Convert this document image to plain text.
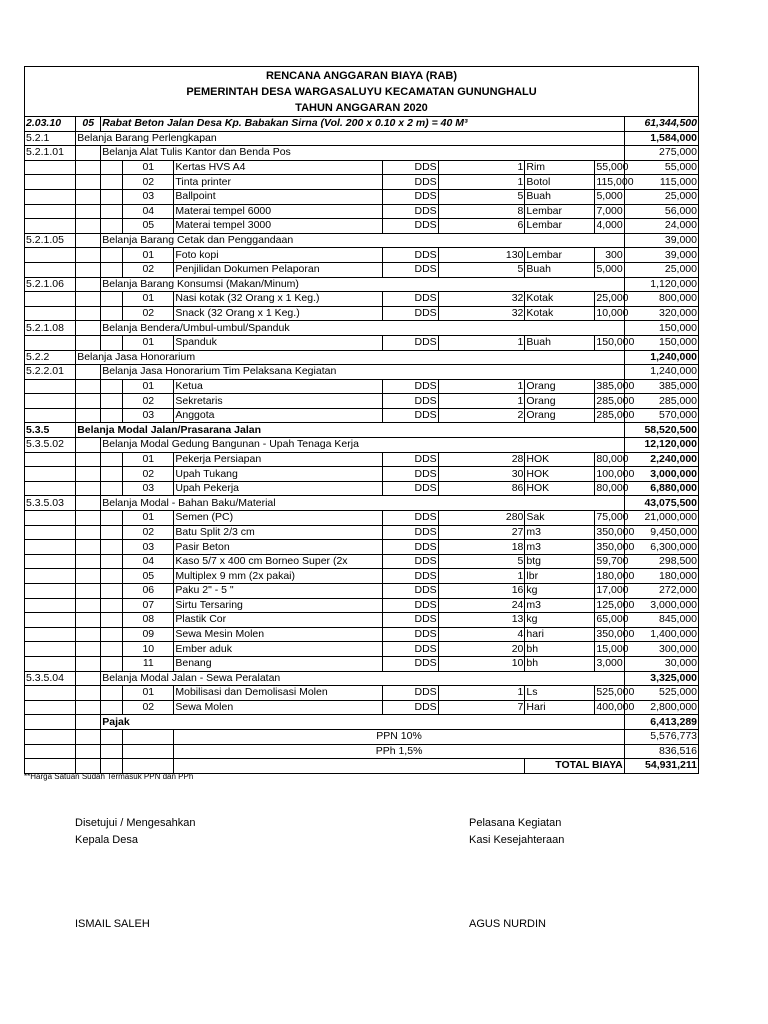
RENCANA ANGGARAN BIAYA (RAB)
PEMERINTAH DESA WARGASALUYU KECAMATAN GUNUNGHALU
TAHUN ANGGARAN 2020
2.03.10	05	Rabat Beton Jalan Desa Kp. Babakan Sirna (Vol. 200 x 0.10 x 2 m) = 40 M³							61,344,500
5.2.1	Belanja Barang Perlengkapan								1,584,000
5.2.1.01		Belanja Alat Tulis Kantor dan Benda Pos							275,000
			01	Kertas HVS A4	DDS	1	Rim	55,000	55,000
			02	Tinta printer	DDS	1	Botol	115,000	115,000
			03	Ballpoint	DDS	5	Buah	5,000	25,000
			04	Materai tempel 6000	DDS	8	Lembar	7,000	56,000
			05	Materai tempel 3000	DDS	6	Lembar	4,000	24,000
5.2.1.05		Belanja Barang Cetak dan Penggandaan							39,000
			01	Foto kopi	DDS	130	Lembar	300	39,000
			02	Penjilidan Dokumen Pelaporan	DDS	5	Buah	5,000	25,000
5.2.1.06		Belanja Barang Konsumsi (Makan/Minum)							1,120,000
			01	Nasi kotak (32 Orang x 1 Keg.)	DDS	32	Kotak	25,000	800,000
			02	Snack (32 Orang x 1 Keg.)	DDS	32	Kotak	10,000	320,000
5.2.1.08		Belanja Bendera/Umbul-umbul/Spanduk							150,000
			01	Spanduk	DDS	1	Buah	150,000	150,000
5.2.2	Belanja Jasa Honorarium								1,240,000
5.2.2.01		Belanja Jasa Honorarium Tim Pelaksana Kegiatan							1,240,000
			01	Ketua	DDS	1	Orang	385,000	385,000
			02	Sekretaris	DDS	1	Orang	285,000	285,000
			03	Anggota	DDS	2	Orang	285,000	570,000
5.3.5	Belanja Modal Jalan/Prasarana Jalan								58,520,500
5.3.5.02		Belanja Modal Gedung Bangunan - Upah Tenaga Kerja							12,120,000
			01	Pekerja Persiapan	DDS	28	HOK	80,000	2,240,000
			02	Upah Tukang	DDS	30	HOK	100,000	3,000,000
			03	Upah Pekerja	DDS	86	HOK	80,000	6,880,000
5.3.5.03		Belanja Modal - Bahan Baku/Material							43,075,500
			01	Semen (PC)	DDS	280	Sak	75,000	21,000,000
			02	Batu Split 2/3 cm	DDS	27	m3	350,000	9,450,000
			03	Pasir Beton	DDS	18	m3	350,000	6,300,000
			04	Kaso 5/7 x 400 cm Borneo Super (2x	DDS	5	btg	59,700	298,500
			05	Multiplex 9 mm (2x pakai)	DDS	1	lbr	180,000	180,000
			06	Paku 2" - 5 "	DDS	16	kg	17,000	272,000
			07	Sirtu Tersaring	DDS	24	m3	125,000	3,000,000
			08	Plastik Cor	DDS	13	kg	65,000	845,000
			09	Sewa Mesin Molen	DDS	4	hari	350,000	1,400,000
			10	Ember aduk	DDS	20	bh	15,000	300,000
			11	Benang	DDS	10	bh	3,000	30,000
5.3.5.04		Belanja Modal Jalan - Sewa Peralatan							3,325,000
			01	Mobilisasi dan Demolisasi Molen	DDS	1	Ls	525,000	525,000
			02	Sewa Molen	DDS	7	Hari	400,000	2,800,000
		Pajak							6,413,289
				PPN 10%					5,576,773
				PPh 1,5%					836,516
							TOTAL BIAYA		54,931,211
**Harga Satuan Sudah Termasuk PPN dan PPh
Disetujui / Mengesahkan
Kepala Desa
ISMAIL SALEH
Pelasana Kegiatan
Kasi Kesejahteraan
AGUS NURDIN
